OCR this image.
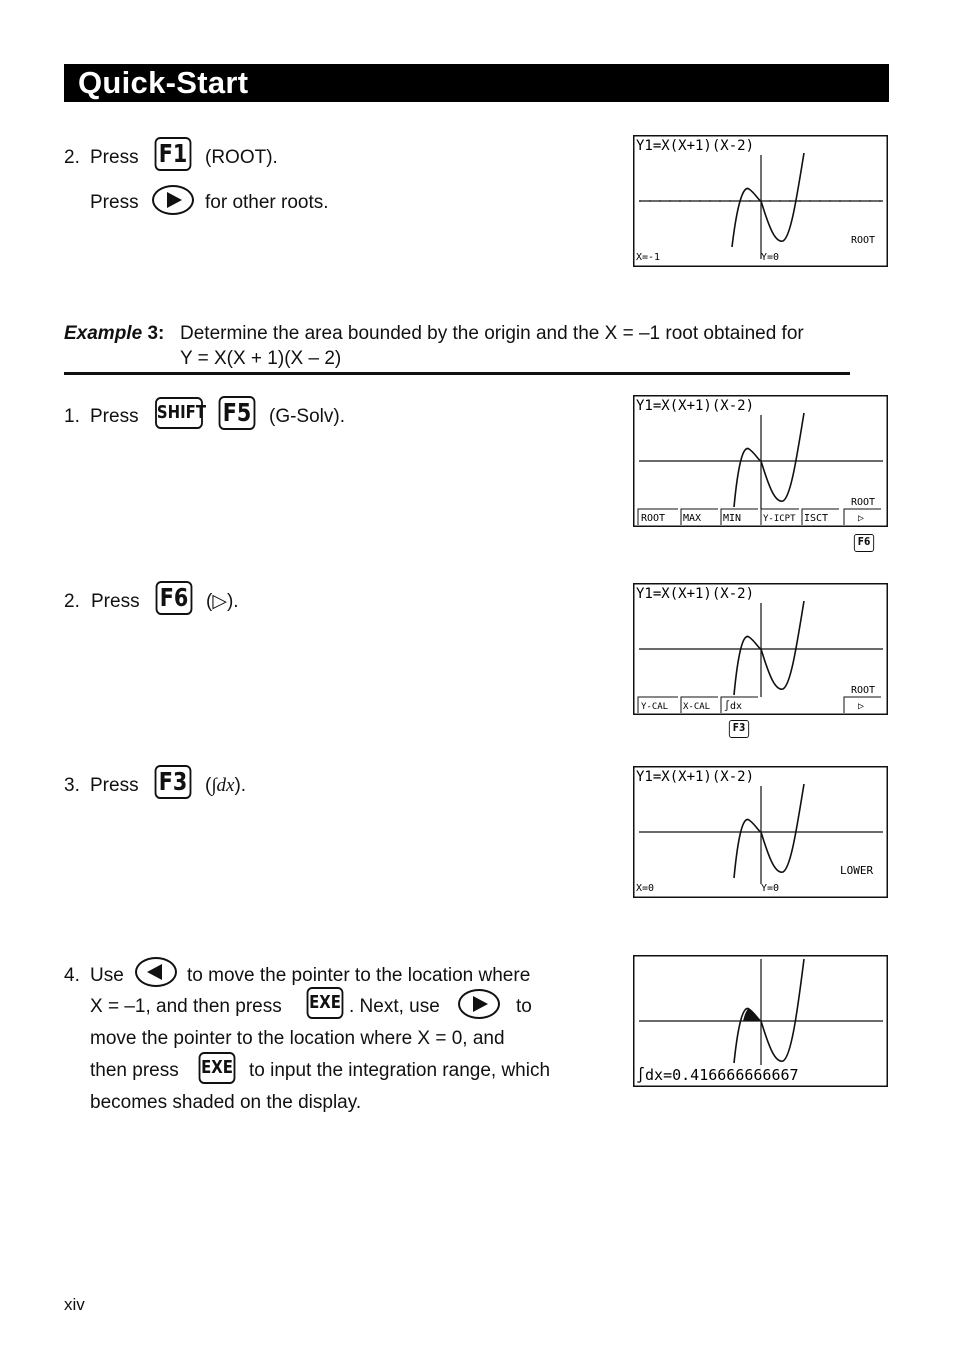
Quick-Start
2. Press F1 (ROOT).
Press	for other roots.
Y1=X(X+1)(X-2)
ROOT
X=-1	Y=0
Example 3: Determine the area bounded by the origin and the X = –1 root obtained for
Y = X(X + 1)(X – 2)
1. Press SHIFT F5 (G-Solv).	Y1=X(X+1)(X-2)
ROOT
ROOT MAX MIN Y-ICPT ISCT	▷
F6
2. Press F6 (▷).	Y1=X(X+1)(X-2)
ROOT
Y-CAL X-CAL ∫dx	▷
F3
3. Press F3 (∫dx).	Y1=X(X+1)(X-2)
LOWER
X=0	Y=0
4. Use	to move the pointer to the location where
X = –1, and then press EXE . Next, use	to
move the pointer to the location where X = 0, and
then press EXE to input the integration range, which
becomes shaded on the display.
∫dx=0.416666666667
xiv
